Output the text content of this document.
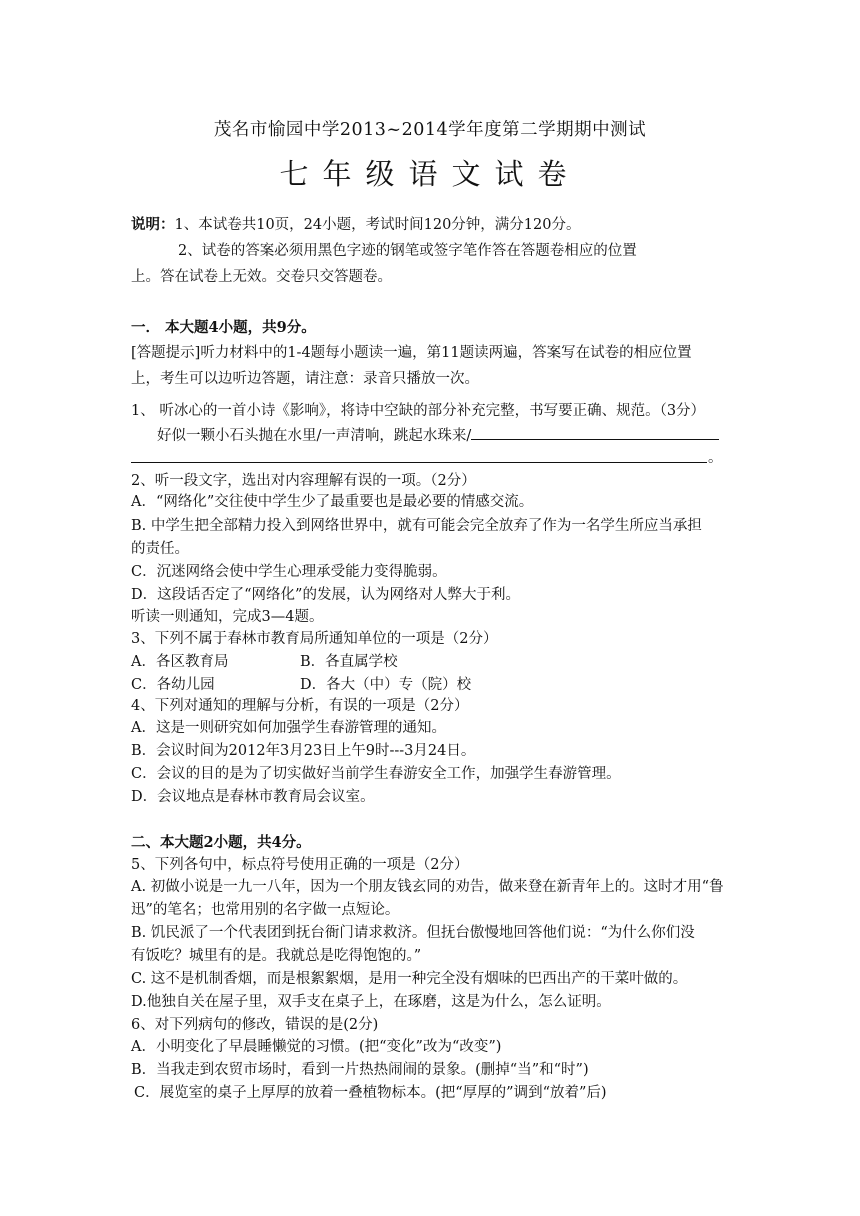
茂名市愉园中学2013~2014学年度第二学期期中测试
七年级语文试卷
说明：1、本试卷共10页，24小题，考试时间120分钟，满分120分。
2、试卷的答案必须用黑色字迹的钢笔或签字笔作答在答题卷相应的位置
上。答在试卷上无效。交卷只交答题卷。
一． 本大题4小题，共9分。
[答题提示]听力材料中的1-4题每小题读一遍，第11题读两遍，答案写在试卷的相应位置
上，考生可以边听边答题，请注意：录音只播放一次。
1、 听冰心的一首小诗《影响》，将诗中空缺的部分补充完整，书写要正确、规范。（3分）
好似一颗小石头抛在水里/一声清响，跳起水珠来/
。
2、听一段文字，选出对内容理解有误的一项。（2分）
A．“网络化”交往使中学生少了最重要也是最必要的情感交流。
B. 中学生把全部精力投入到网络世界中，就有可能会完全放弃了作为一名学生所应当承担
的责任。
C．沉迷网络会使中学生心理承受能力变得脆弱。
D．这段话否定了“网络化”的发展，认为网络对人弊大于利。
听读一则通知，完成3—4题。
3、下列不属于春林市教育局所通知单位的一项是（2分）
A．各区教育局	B．各直属学校
C．各幼儿园	D．各大（中）专（院）校
4、下列对通知的理解与分析，有误的一项是（2分）
A．这是一则研究如何加强学生春游管理的通知。
B．会议时间为2012年3月23日上午9时---3月24日。
C．会议的目的是为了切实做好当前学生春游安全工作，加强学生春游管理。
D．会议地点是春林市教育局会议室。
二、本大题2小题，共4分。
5、下列各句中，标点符号使用正确的一项是（2分）
A. 初做小说是一九一八年，因为一个朋友钱玄同的劝告，做来登在新青年上的。这时才用“鲁
迅”的笔名；也常用别的名字做一点短论。
B. 饥民派了一个代表团到抚台衙门请求救济。但抚台傲慢地回答他们说：“为什么你们没
有饭吃？城里有的是。我就总是吃得饱饱的。”
C. 这不是机制香烟，而是根絮絮烟，是用一种完全没有烟味的巴西出产的干菜叶做的。
D.他独自关在屋子里，双手支在桌子上，在琢磨，这是为什么，怎么证明。
6、对下列病句的修改，错误的是(2分)
A．小明变化了早晨睡懒觉的习惯。(把“变化”改为“改变”)
B．当我走到农贸市场时，看到一片热热闹闹的景象。(删掉“当”和“时”)
C．展览室的桌子上厚厚的放着一叠植物标本。(把“厚厚的”调到“放着”后)
